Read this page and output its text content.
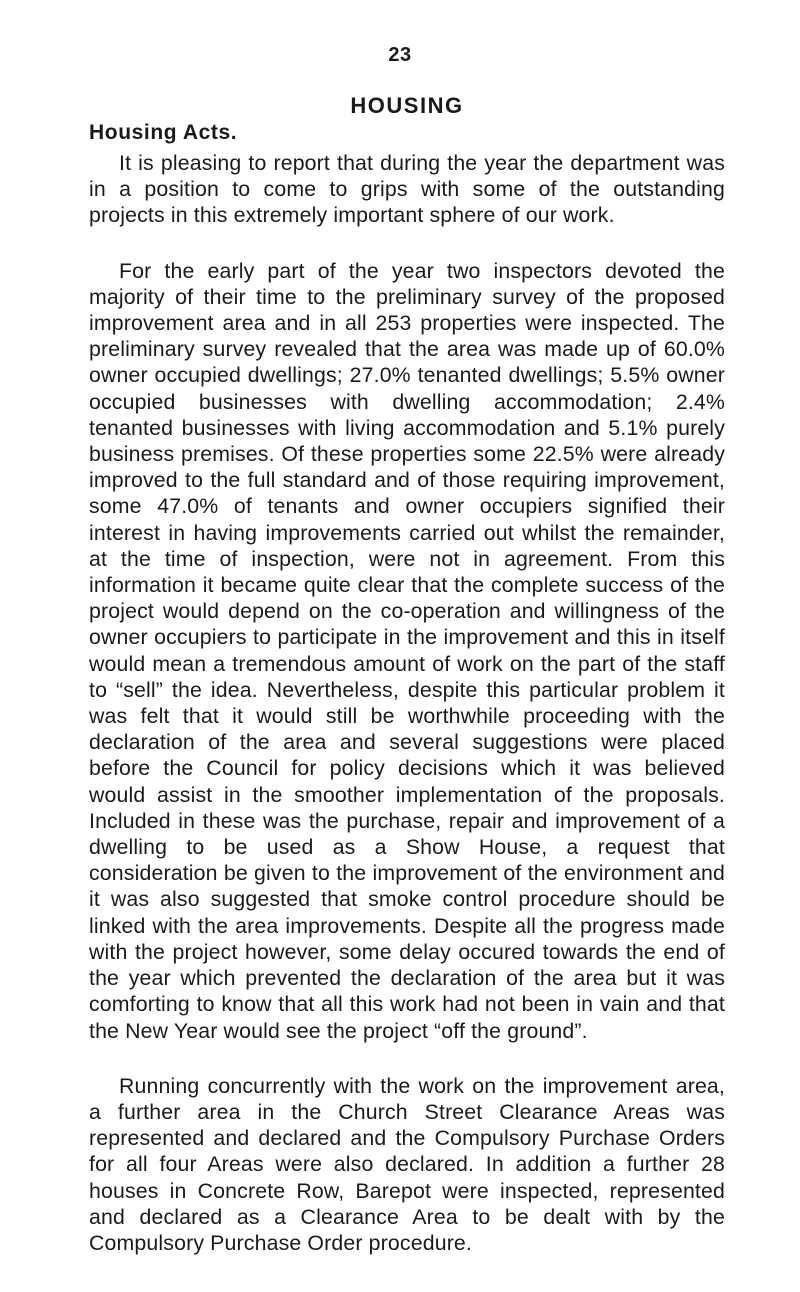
23
HOUSING
Housing Acts.

It is pleasing to report that during the year the department was in a position to come to grips with some of the outstanding projects in this extremely important sphere of our work.

For the early part of the year two inspectors devoted the majority of their time to the preliminary survey of the proposed improvement area and in all 253 properties were inspected. The preliminary survey revealed that the area was made up of 60.0% owner occupied dwellings; 27.0% tenanted dwellings; 5.5% owner occupied businesses with dwelling accommodation; 2.4% tenanted businesses with living accommodation and 5.1% purely business premises. Of these properties some 22.5% were already improved to the full standard and of those requiring improvement, some 47.0% of tenants and owner occupiers signified their interest in having improvements carried out whilst the remainder, at the time of inspection, were not in agreement. From this information it became quite clear that the complete success of the project would depend on the co-operation and willingness of the owner occupiers to participate in the improvement and this in itself would mean a tremendous amount of work on the part of the staff to “sell” the idea. Nevertheless, despite this particular problem it was felt that it would still be worthwhile proceeding with the declaration of the area and several suggestions were placed before the Council for policy decisions which it was believed would assist in the smoother implementation of the proposals. Included in these was the purchase, repair and improvement of a dwelling to be used as a Show House, a request that consideration be given to the improvement of the environment and it was also suggested that smoke control procedure should be linked with the area improvements. Despite all the progress made with the project however, some delay occured towards the end of the year which prevented the declaration of the area but it was comforting to know that all this work had not been in vain and that the New Year would see the project “off the ground”.

Running concurrently with the work on the improvement area, a further area in the Church Street Clearance Areas was represented and declared and the Compulsory Purchase Orders for all four Areas were also declared. In addition a further 28 houses in Concrete Row, Barepot were inspected, represented and declared as a Clearance Area to be dealt with by the Compulsory Purchase Order procedure.
